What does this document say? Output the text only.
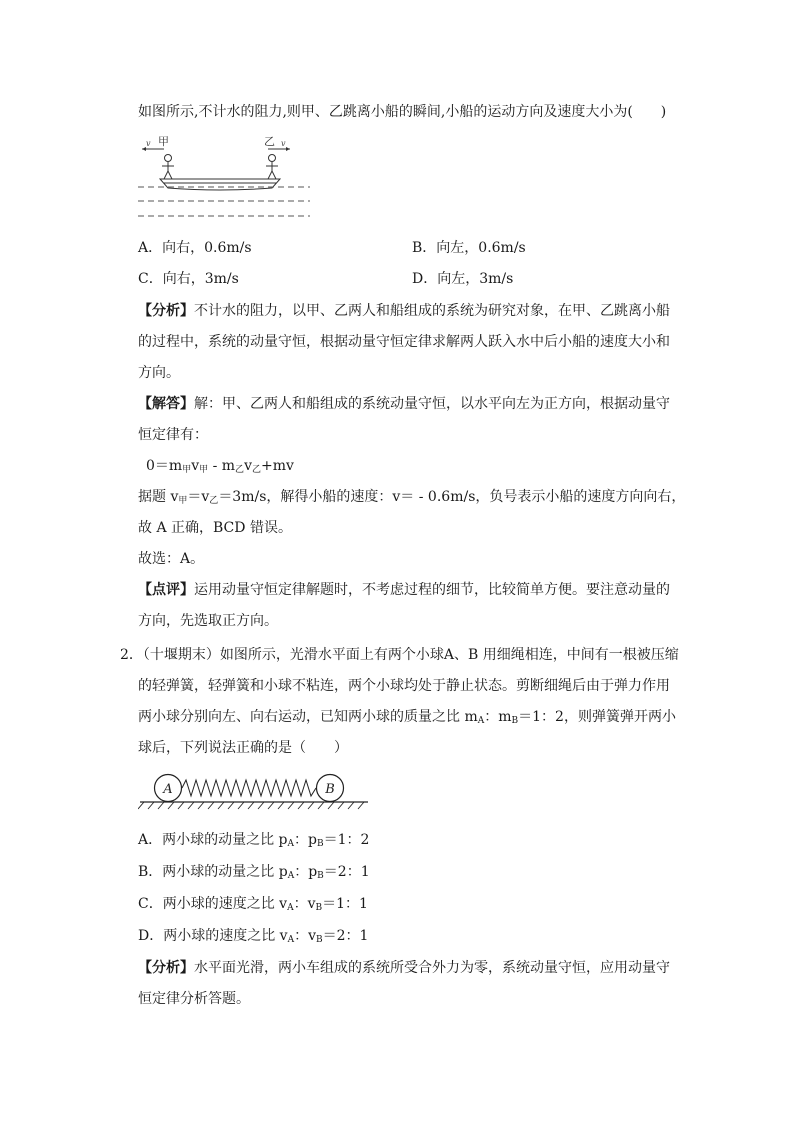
如图所示,不计水的阻力,则甲、乙跳离小船的瞬间,小船的运动方向及速度大小为(　　)
v	v
甲	乙
A．向右，0.6m/s	B．向左，0.6m/s
C．向右，3m/s	D．向左，3m/s
【分析】不计水的阻力，以甲、乙两人和船组成的系统为研究对象，在甲、乙跳离小船
的过程中，系统的动量守恒，根据动量守恒定律求解两人跃入水中后小船的速度大小和
方向。
【解答】解：甲、乙两人和船组成的系统动量守恒，以水平向左为正方向，根据动量守
恒定律有：
$0=m_甲v_甲 - m_乙v_乙+mv$
据题 $v_甲=v_乙=3m/s$，解得小船的速度：v＝ - 0.6m/s，负号表示小船的速度方向向右，
故 A 正确，BCD 错误。
故选：A。
【点评】运用动量守恒定律解题时，不考虑过程的细节，比较简单方便。要注意动量的
方向，先选取正方向。
2．（十堰期末）如图所示，光滑水平面上有两个小球A、B 用细绳相连，中间有一根被压缩
的轻弹簧，轻弹簧和小球不粘连，两个小球均处于静止状态。剪断细绳后由于弹力作用
两小球分别向左、向右运动，已知两小球的质量之比 $m_A$：$m_B=1$：2，则弹簧弹开两小
球后，下列说法正确的是（　　）
A	B
A．两小球的动量之比 $p_A$：$p_B=1$：2
B．两小球的动量之比 $p_A$：$p_B=2$：1
C．两小球的速度之比 $v_A$：$v_B=1$：1
D．两小球的速度之比 $v_A$：$v_B=2$：1
【分析】水平面光滑，两小车组成的系统所受合外力为零，系统动量守恒，应用动量守
恒定律分析答题。
